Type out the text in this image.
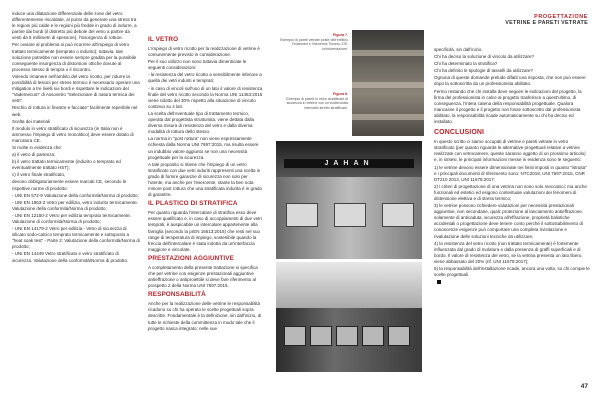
PROGETTAZIONE
VETRINE E PARETI VETRATE

induce una dilatazione differenziale delle zone del vetro differentemente riscaldate, al punto da generare una stress tra le regioni più calde e le regioni più fredde in grado di indurre, a partire dai bordi (il distretto più debole del vetro a partire da venti da 5 millimetri di spessore), l'insorgenza di rotture.

Per ovviare al problema si può ricorrere all'impiego di vetro trattato termicamente (temprato o indurito); tuttavia, tale soluzione potrebbe non essere sempre gradita per la possibile conseguente insorgenza di distorsioni ottiche dovute al processo stesso di tempra o il riscontro.

Volendo rimanere nell'ambito del vetro ricotto, per ridurre la possibilità di lesioni per stress termico è necessario operare una mitigation a tre livelli sui bordi e rispettare le indicazioni del "Vademecum" di Assovetro "Selezionare di natura termica dei vetri".

Rischio di rottura in finestre e facciate" facilmente reperibile nel web.

Scelta dei materiali

Il modulo in vetro stratificato di sicurezza (in Italia non è ammesso l'impiego di vetro monolitico) deve essere dotato di marcatura CE.

Si molte in evidenza che:

a) il vetro di partenza;

b) il vetro trattato termicamente (indurito o temprato ed eventualmente trattato HST);

c) il vetro finale stratificato,

devono obbligatoriamente essere marcati CE, secondo le rispettive norme di prodotto:

- UNI EN 572-9 Valutazione della conformità/Norma di prodotto;

- UNI EN 1863-2 Vetro per edilizia, vetro indurito termicamente. Valutazione della conformità/Norma di prodotto;

- UNI EN 12150-2 Vetro per edilizia temprato termicamente. Valutazione di conformità/Norma di prodotto;

- UNI EN 14179-2 Vetro per edilizia - Vetro di sicurezza di silicato sodo-calcico temprato termicamente e sottoposto a "heat soak test" - Parte 2: Valutazione della conformità/Norma di prodotto;

- UNI EN 14449 Vetro stratificato e vetro stratificato di sicurezza. Valutazione della conformità/Norma di prodotto.

IL VETRO

L'impiego di vetro ricotto per la realizzazione di vetrine è comunemente previsto in considerazione.

Per il suo utilizzo non sono tuttavia dimenticate le seguenti considerazioni:

- la resistenza del vetro ricotto a sensibilmente inferiore a quella dei vetri induriti e temprati;

- in caso di vincoli sull'uso di un lato il valore di resistenza finale del vetro ricotto secondo la Norma UNI 11463:2016 viene ridotto del 30% rispetto alla situazione di vincolo continuo su 4 lati.

La scelta dell'eventuale tipo di trattamento termico, operata dal progettista strutturista, viene dettata dalla diversa misura di resistenza del vetro e dalla diversa modalità di rottura dello stesso.

La norma in "post rottura" non viene espressamente richiesta dalla Norma UNI 7697:2015, ma risulta essere un indubbio valore aggiunto se non una necessità progettuale per la sicurezza.

A tale proposito si ritiene che l'impiego di un vetro stratificato con due vetri induriti rappresenti una scelta in grado di fornire garanzie di sicurezza non solo per l'utente, ma anche per l'esercente, stante la ben nota minore post rottura che una stratificata indurita è in grado di garantire.

IL PLASTICO DI STRATIFICA

Per quanto riguarda l'intercalare di stratifica esso deve essere qualificato e, in caso di accoppiamenti di due vetri temprati, è auspicabile un intercalare appartenente alla famiglia (secondo la prEN 16613:2016) che resti nel suo range di temperatura di impiego, sostenibile quando la freccia dell'intercalare è stata indotta da un'interfaccia maggiore e vincolate.

PRESTAZIONI AGGIUNTIVE

A completamento della presente trattazione si specifica che per vetrine con esigenze prestazionali aggiuntive antieffrazione o antiproiettile si deve fare riferimento al prospetto 2 della Norma UNI 7697:2015.

RESPONSABILITÀ

Anche per la realizzazione delle vetrine le responsabilità ricadono su chi ha operato le scelte progettuali sopra descritte. Fondamentale è la definizione, sin dall'inizio, di tutte le richieste della committenza in modo tale che il progetto nasca integrato; nelle sue

Figura 7.
Esempio di pareti vetrate poste dell'edificio Tedarmed e Vilenerimi Toronto ZIS: un'informazione.
Figura 8.
Esempio di pareti in vetro stratificato di sicurezza in vetrine con un'evidenziata intervallo stretto stratificato.

JAHAN

specificità, sin dall'inizio.

Chi ha deciso la soluzione di vincolo da utilizzare?

Chi ha determinato la stratifica?

Chi ha definito le tipologie di tasselli da utilizzare?

Ognuna di queste domande prelude difatti una risposta, che non può essere dopo la sottoscritta da un professionista abilitato.

Fermo restando che chi installa deve seguire le indicazioni del progetto, la firma del professionista in calce al progetto trasferisce a quest'ultimo, di conseguenza, l'intera catena della responsabilità progettuale. Qualora mancasse il progetto e il progetto non fosse sottoscritto dal professionista abilitato, la responsabilità ricade automaticamente su chi ha deciso ed installato.

CONCLUSIONI

In questo scritto ci siamo occupati di vetrine e pareti vetrate in vetro stratificato (per quanto riguarda le alternative progettuali relative a vetrine realizzate con vetrocamere, queste saranno oggetto di un prossimo articolo) e, in sintesi, le principali informazioni messe in evidenza sono le seguenti:

1) le vetrine devono essere dimensionate nei limiti imposti in quanto "istruita" e i principali documenti di riferimento sono: NTC2018, UNI 7697:2015, CNR DT210 2013, UNI 11678:2017;

2) i criteri di progettazione di una vetrina non sono solo meccanici; ma anche funzionali ed estetici ed esigono contestuale valutazioni dei fenomeni di distensione elettiva e di stress termico;

3) le vetrine possono richiedere valutazioni per necessità prestazionali aggiuntive, non secondarie, quali: protezione al lanciamento antieffrazione, solamente di anticaduta, sicurezza all'effrazione, proprietà balistiche accidentali o progettazione deve tenere conto perché il sottostabilimento di conoscenze esigenze può comportare una completa rivisitazione e rivalutazione delle soluzioni tecniche da utilizzare;

4) la resistenza del vetro ricotto (non trattato termicamente) è fortemente influenzata dal grado di molatura e dalla presenza di graffi superficiali e di bordo. Il valore di resistenza del vetro, se la vetrina presenta un lato libero, viene abbassato del 20% (rif. UNI 11678:2017);

5) la responsabilità dell'installazione ricade, ancora una volta, su chi compie le scelte progettuali.

47
